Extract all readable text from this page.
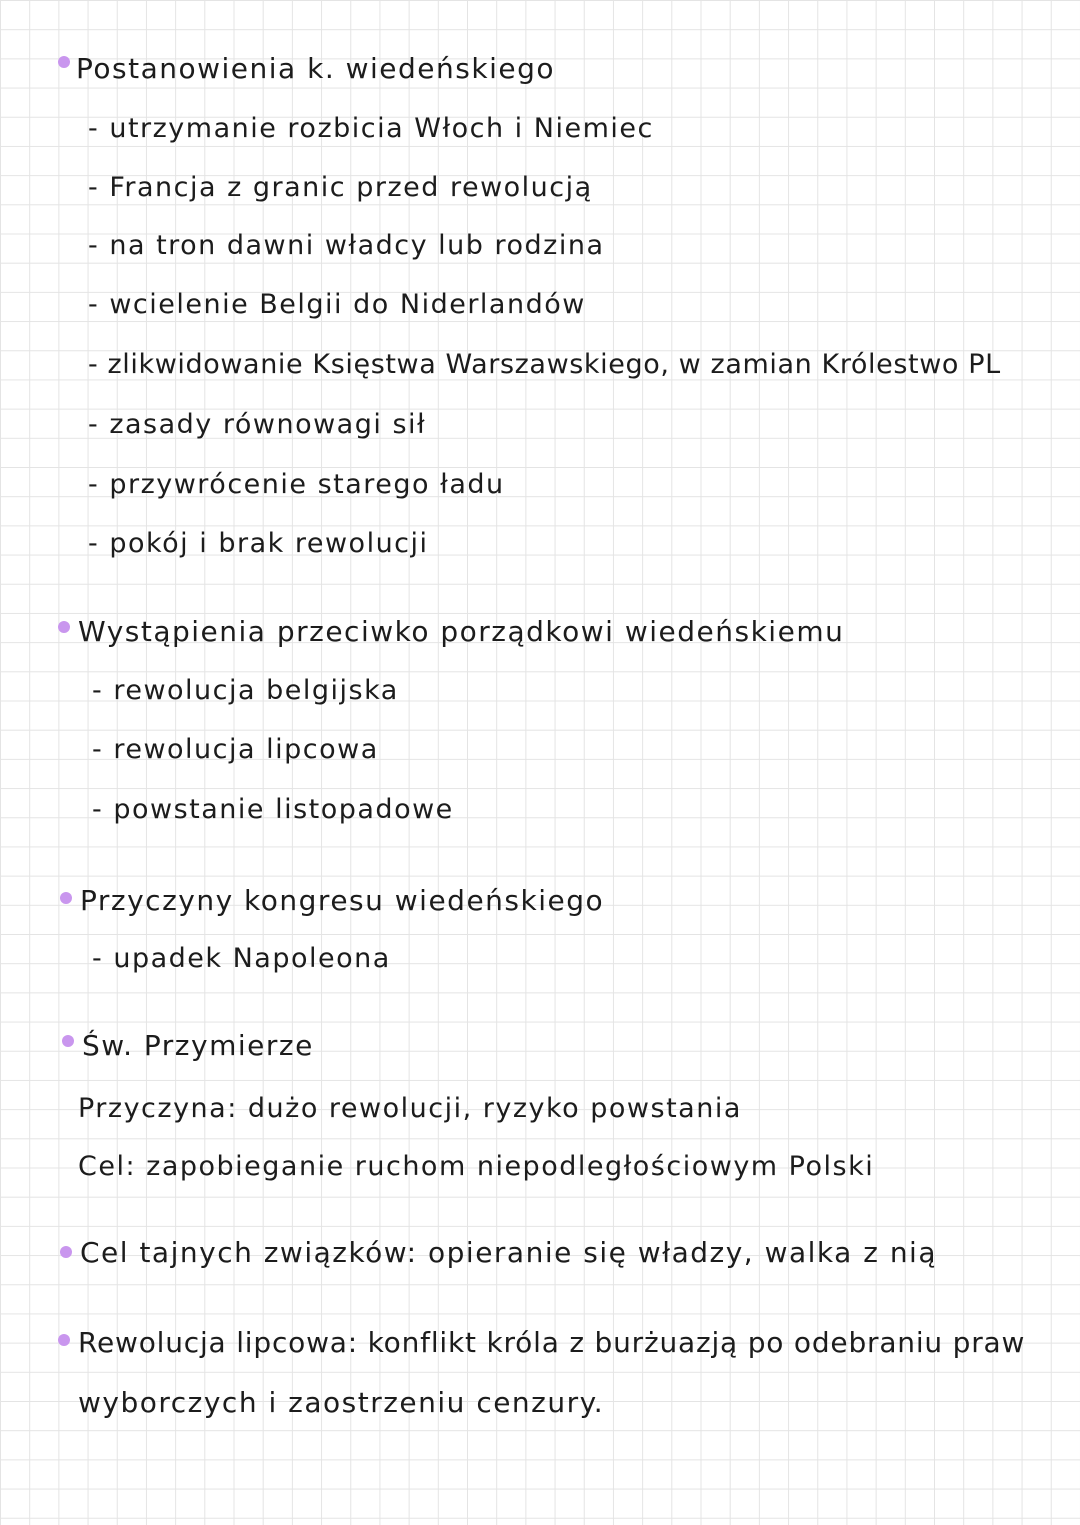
Postanowienia k. wiedeńskiego
- utrzymanie rozbicia Włoch i Niemiec
- Francja z granic przed rewolucją
- na tron dawni władcy lub rodzina
- wcielenie Belgii do Niderlandów
- zlikwidowanie Księstwa Warszawskiego, w zamian Królestwo PL
- zasady równowagi sił
- przywrócenie starego ładu
- pokój i brak rewolucji
Wystąpienia przeciwko porządkowi wiedeńskiemu
- rewolucja belgijska
- rewolucja lipcowa
- powstanie listopadowe
Przyczyny kongresu wiedeńskiego
- upadek Napoleona
Św. Przymierze
Przyczyna: dużo rewolucji, ryzyko powstania
Cel: zapobieganie ruchom niepodległościowym Polski
Cel tajnych związków: opieranie się władzy, walka z nią
Rewolucja lipcowa: konflikt króla z burżuazją po odebraniu praw
wyborczych i zaostrzeniu cenzury.
